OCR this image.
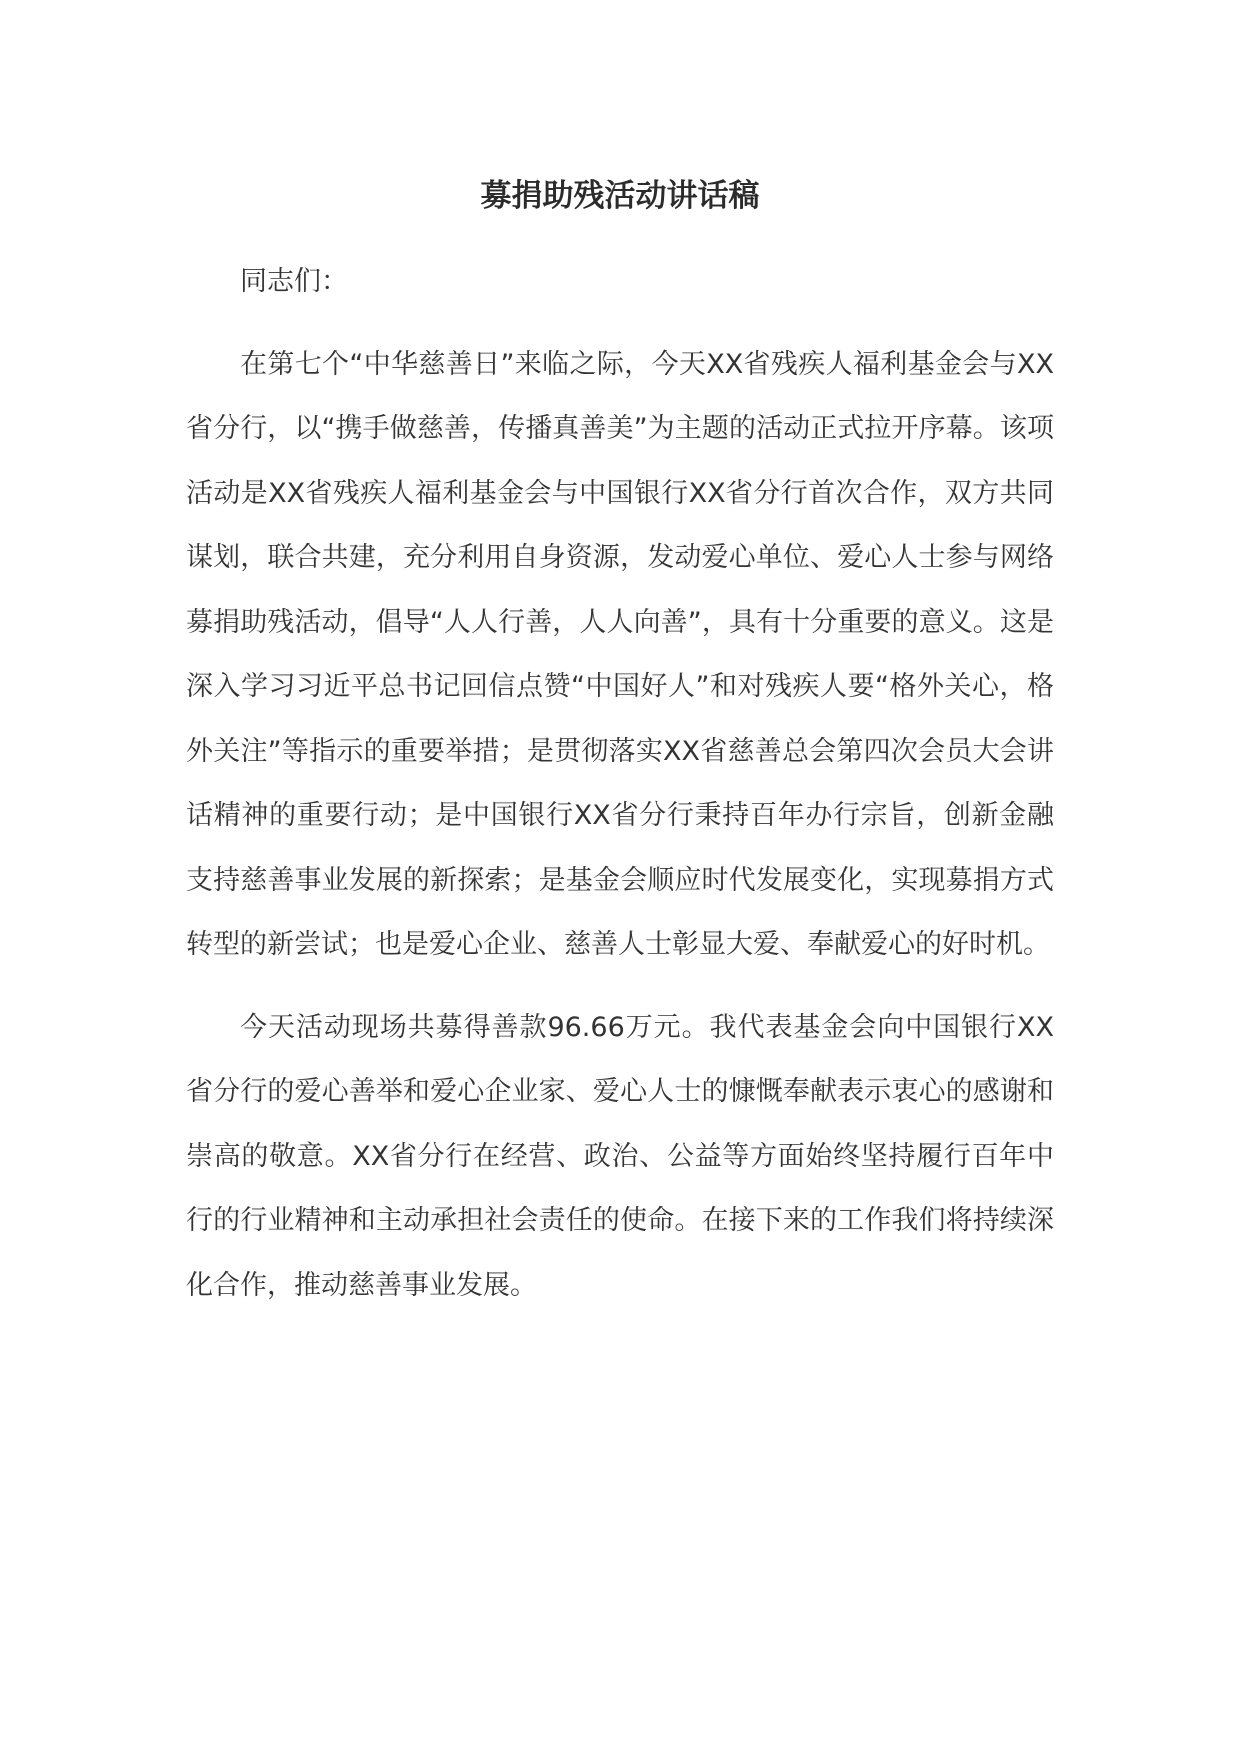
募捐助残活动讲话稿

同志们：

在第七个“中华慈善日”来临之际，今天XX省残疾人福利基金会与XX省分行，以“携手做慈善，传播真善美”为主题的活动正式拉开序幕。该项活动是XX省残疾人福利基金会与中国银行XX省分行首次合作，双方共同谋划，联合共建，充分利用自身资源，发动爱心单位、爱心人士参与网络募捐助残活动，倡导“人人行善，人人向善”，具有十分重要的意义。这是深入学习习近平总书记回信点赞“中国好人”和对残疾人要“格外关心，格外关注”等指示的重要举措；是贯彻落实XX省慈善总会第四次会员大会讲话精神的重要行动；是中国银行XX省分行秉持百年办行宗旨，创新金融支持慈善事业发展的新探索；是基金会顺应时代发展变化，实现募捐方式转型的新尝试；也是爱心企业、慈善人士彰显大爱、奉献爱心的好时机。

今天活动现场共募得善款96.66万元。我代表基金会向中国银行XX省分行的爱心善举和爱心企业家、爱心人士的慷慨奉献表示衷心的感谢和崇高的敬意。XX省分行在经营、政治、公益等方面始终坚持履行百年中行的行业精神和主动承担社会责任的使命。在接下来的工作我们将持续深化合作，推动慈善事业发展。
